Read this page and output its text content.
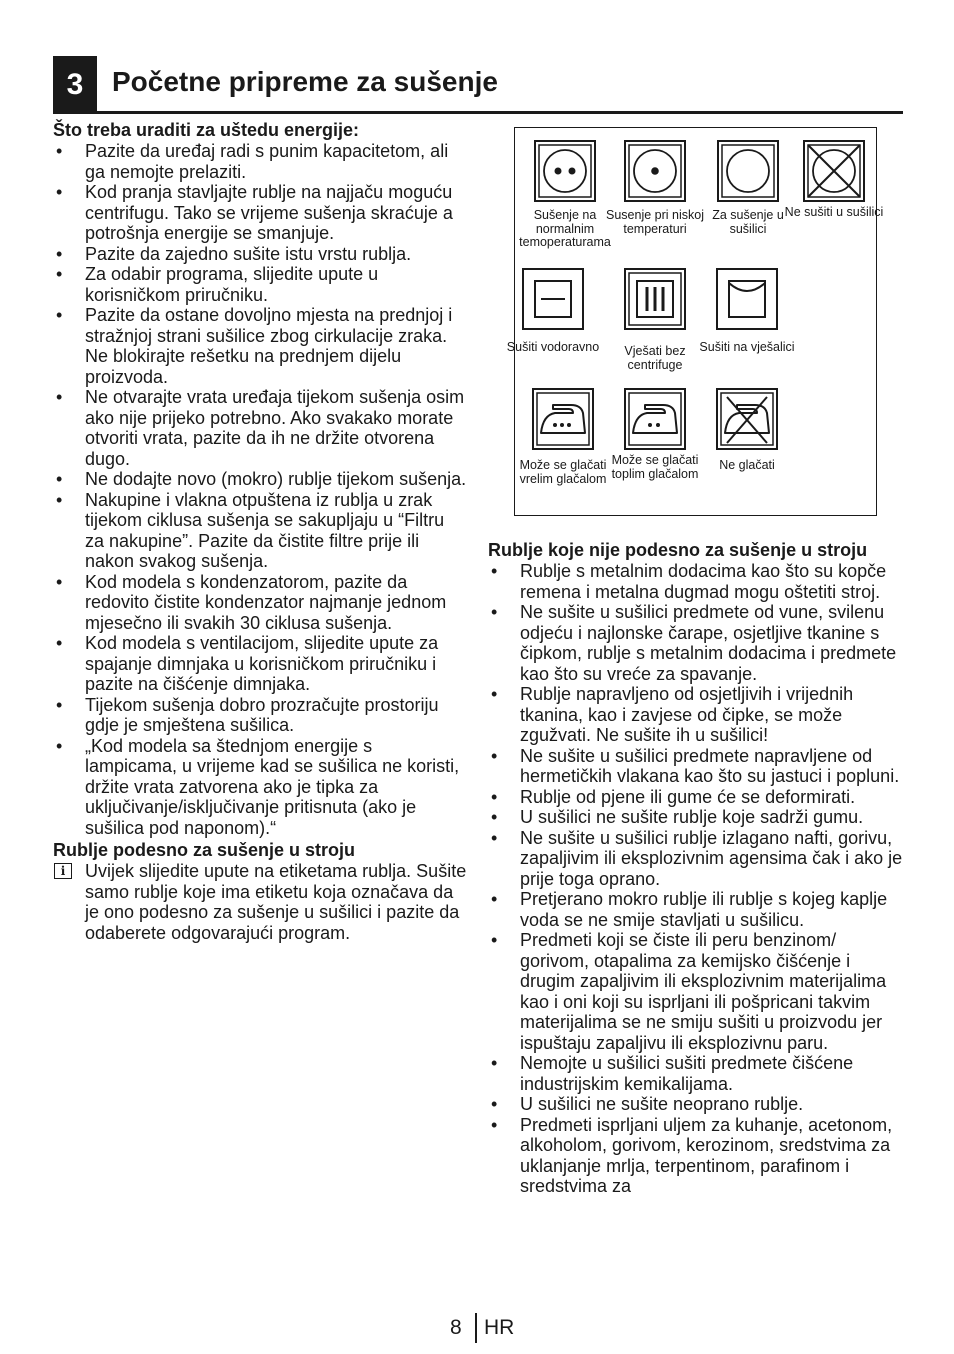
3	Početne pripreme za sušenje
Što treba uraditi za uštedu energije:
• Pazite da uređaj radi s punim kapacitetom, ali ga nemojte prelaziti.
• Kod pranja stavljajte rublje na najjaču moguću centrifugu. Tako se vrijeme sušenja skraćuje a potrošnja energije se smanjuje.
• Pazite da zajedno sušite istu vrstu rublja.
• Za odabir programa, slijedite upute u korisničkom priručniku.
• Pazite da ostane dovoljno mjesta na prednjoj i stražnjoj strani sušilice zbog cirkulacije zraka. Ne blokirajte rešetku na prednjem dijelu proizvoda.
• Ne otvarajte vrata uređaja tijekom sušenja osim ako nije prijeko potrebno. Ako svakako morate otvoriti vrata, pazite da ih ne držite otvorena dugo.
• Ne dodajte novo (mokro) rublje tijekom sušenja.
• Nakupine i vlakna otpuštena iz rublja u zrak tijekom ciklusa sušenja se sakupljaju u “Filtru za nakupine”. Pazite da čistite filtre prije ili nakon svakog sušenja.
• Kod modela s kondenzatorom, pazite da redovito čistite kondenzator najmanje jednom mjesečno ili svakih 30 ciklusa sušenja.
• Kod modela s ventilacijom, slijedite upute za spajanje dimnjaka u korisničkom priručniku i pazite na čišćenje dimnjaka.
• Tijekom sušenja dobro prozračujte prostoriju gdje je smještena sušilica.
• „Kod modela sa štednjom energije s lampicama, u vrijeme kad se sušilica ne koristi, držite vrata zatvorena ako je tipka za uključivanje/isključivanje pritisnuta (ako je sušilica pod naponom).“
Rublje podesno za sušenje u stroju
i	Uvijek slijedite upute na etiketama rublja. Sušite samo rublje koje ima etiketu koja označava da je ono podesno za sušenje u sušilici i pazite da odaberete odgovarajući program.
Sušenje na normalnim temoperaturama
Susenje pri niskoj temperaturi
Za sušenje u sušilici
Ne sušiti u sušilici
Sušiti vodoravno	Vješati bez centrifuge
Sušiti na vješalici
Može se glačati vrelim glačalom
Može se glačati toplim glačalom
Ne glačati
Rublje koje nije podesno za sušenje u stroju
• Rublje s metalnim dodacima kao što su kopče remena i metalna dugmad mogu oštetiti stroj.
• Ne sušite u sušilici predmete od vune, svilenu odjeću i najlonske čarape, osjetljive tkanine s čipkom, rublje s metalnim dodacima i predmete kao što su vreće za spavanje.
• Rublje napravljeno od osjetljivih i vrijednih tkanina, kao i zavjese od čipke, se može zgužvati. Ne sušite ih u sušilici!
• Ne sušite u sušilici predmete napravljene od hermetičkih vlakana kao što su jastuci i popluni.
• Rublje od pjene ili gume će se deformirati.
• U sušilici ne sušite rublje koje sadrži gumu.
• Ne sušite u sušilici rublje izlagano nafti, gorivu, zapaljivim ili eksplozivnim agensima čak i ako je prije toga oprano.
• Pretjerano mokro rublje ili rublje s kojeg kaplje voda se ne smije stavljati u sušilicu.
• Predmeti koji se čiste ili peru benzinom/ gorivom, otapalima za kemijsko čišćenje i drugim zapaljivim ili eksplozivnim materijalima kao i oni koji su isprljani ili pošpricani takvim materijalima se ne smiju sušiti u proizvodu jer ispuštaju zapaljivu ili eksplozivnu paru.
• Nemojte u sušilici sušiti predmete čišćene industrijskim kemikalijama.
• U sušilici ne sušite neoprano rublje.
• Predmeti isprljani uljem za kuhanje, acetonom, alkoholom, gorivom, kerozinom, sredstvima za uklanjanje mrlja, terpentinom, parafinom i sredstvima za
8 HR
